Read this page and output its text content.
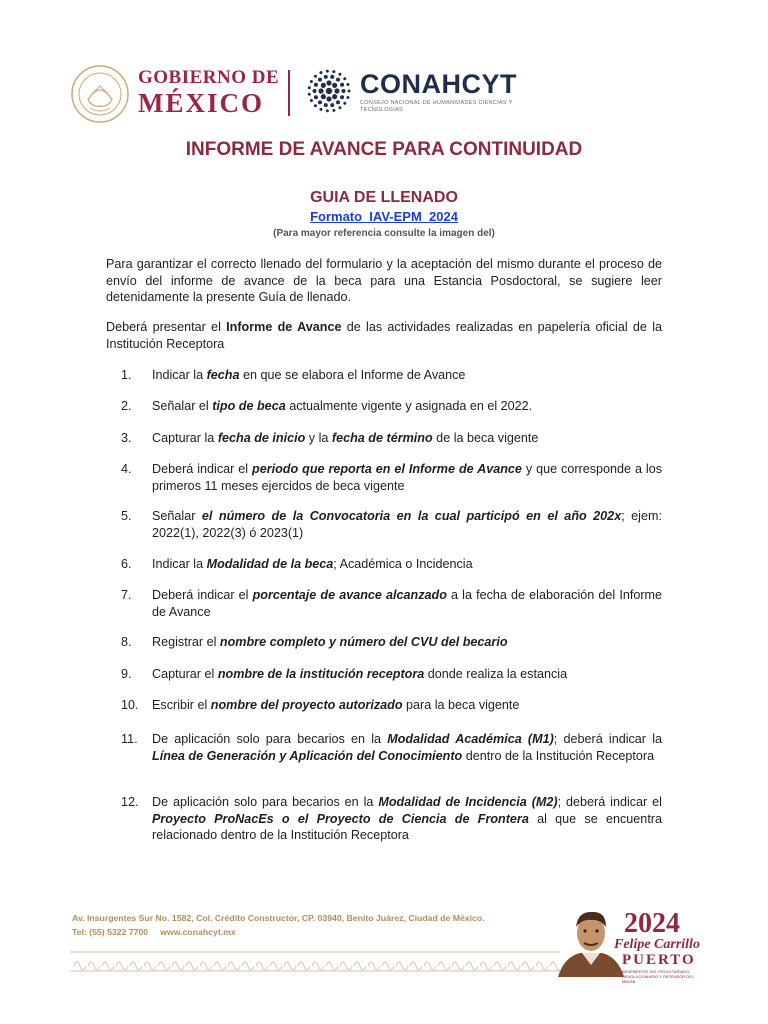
GOBIERNO DE
MÉXICO
CONAHCYT
CONSEJO NACIONAL DE HUMANIDADES CIENCIAS Y TECNOLOGÍAS
INFORME DE AVANCE PARA CONTINUIDAD
GUIA DE LLENADO
Formato_IAV-EPM_2024
(Para mayor referencia consulte la imagen del)
Para garantizar el correcto llenado del formulario y la aceptación del mismo durante el proceso de envío del informe de avance de la beca para una Estancia Posdoctoral, se sugiere leer detenidamente la presente Guía de llenado.
Deberá presentar el Informe de Avance de las actividades realizadas en papelería oficial de la Institución Receptora
1.	Indicar la fecha en que se elabora el Informe de Avance
2.	Señalar el tipo de beca actualmente vigente y asignada en el 2022.
3.	Capturar la fecha de inicio y la fecha de término de la beca vigente
4.	Deberá indicar el periodo que reporta en el Informe de Avance y que corresponde a los primeros 11 meses ejercidos de beca vigente
5.	Señalar el número de la Convocatoria en la cual participó en el año 202x; ejem: 2022(1), 2022(3) ó 2023(1)
6.	Indicar la Modalidad de la beca; Académica o Incidencia
7.	Deberá indicar el porcentaje de avance alcanzado a la fecha de elaboración del Informe de Avance
8.	Registrar el nombre completo y número del CVU del becario
9.	Capturar el nombre de la institución receptora donde realiza la estancia
10.	Escribir el nombre del proyecto autorizado para la beca vigente
11.	De aplicación solo para becarios en la Modalidad Académica (M1); deberá indicar la Línea de Generación y Aplicación del Conocimiento dentro de la Institución Receptora
12.	De aplicación solo para becarios en la Modalidad de Incidencia (M2); deberá indicar el Proyecto ProNacEs o el Proyecto de Ciencia de Frontera al que se encuentra relacionado dentro de la Institución Receptora
Av. Insurgentes Sur No. 1582, Col. Crédito Constructor, CP. 03940, Benito Juárez, Ciudad de México.
Tel: (55) 5322 7700     www.conahcyt.mx	2024
Felipe Carrillo
PUERTO
BENEMÉRITO DEL PROLETARIADO, REVOLUCIONARIO Y DEFENSOR DEL MAYAB
